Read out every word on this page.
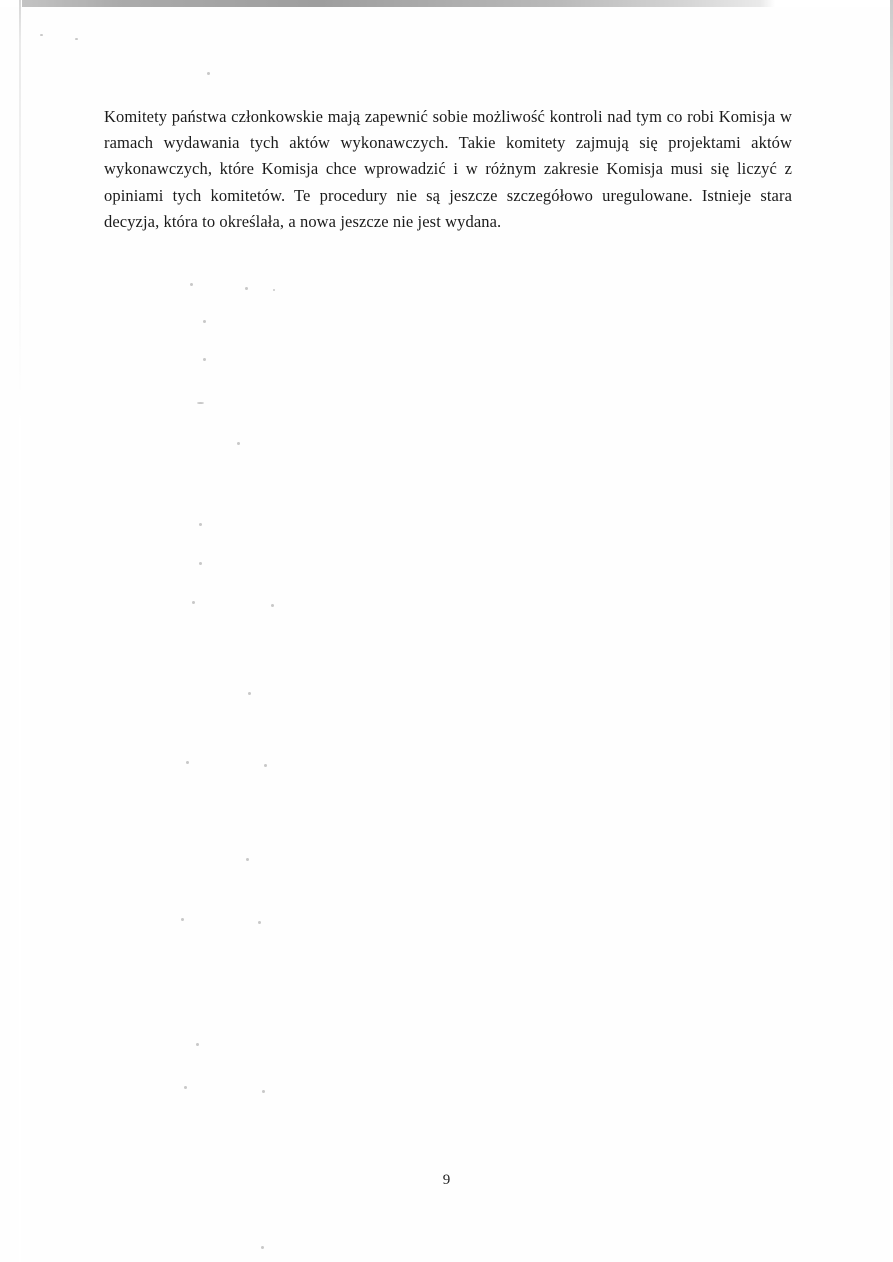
Komitety państwa członkowskie mają zapewnić sobie możliwość kontroli nad tym co robi Komisja w ramach wydawania tych aktów wykonawczych. Takie komitety zajmują się projektami aktów wykonawczych, które Komisja chce wprowadzić i w różnym zakresie Komisja musi się liczyć z opiniami tych komitetów. Te procedury nie są jeszcze szczegółowo uregulowane. Istnieje stara decyzja, która to określała, a nowa jeszcze nie jest wydana.

9
